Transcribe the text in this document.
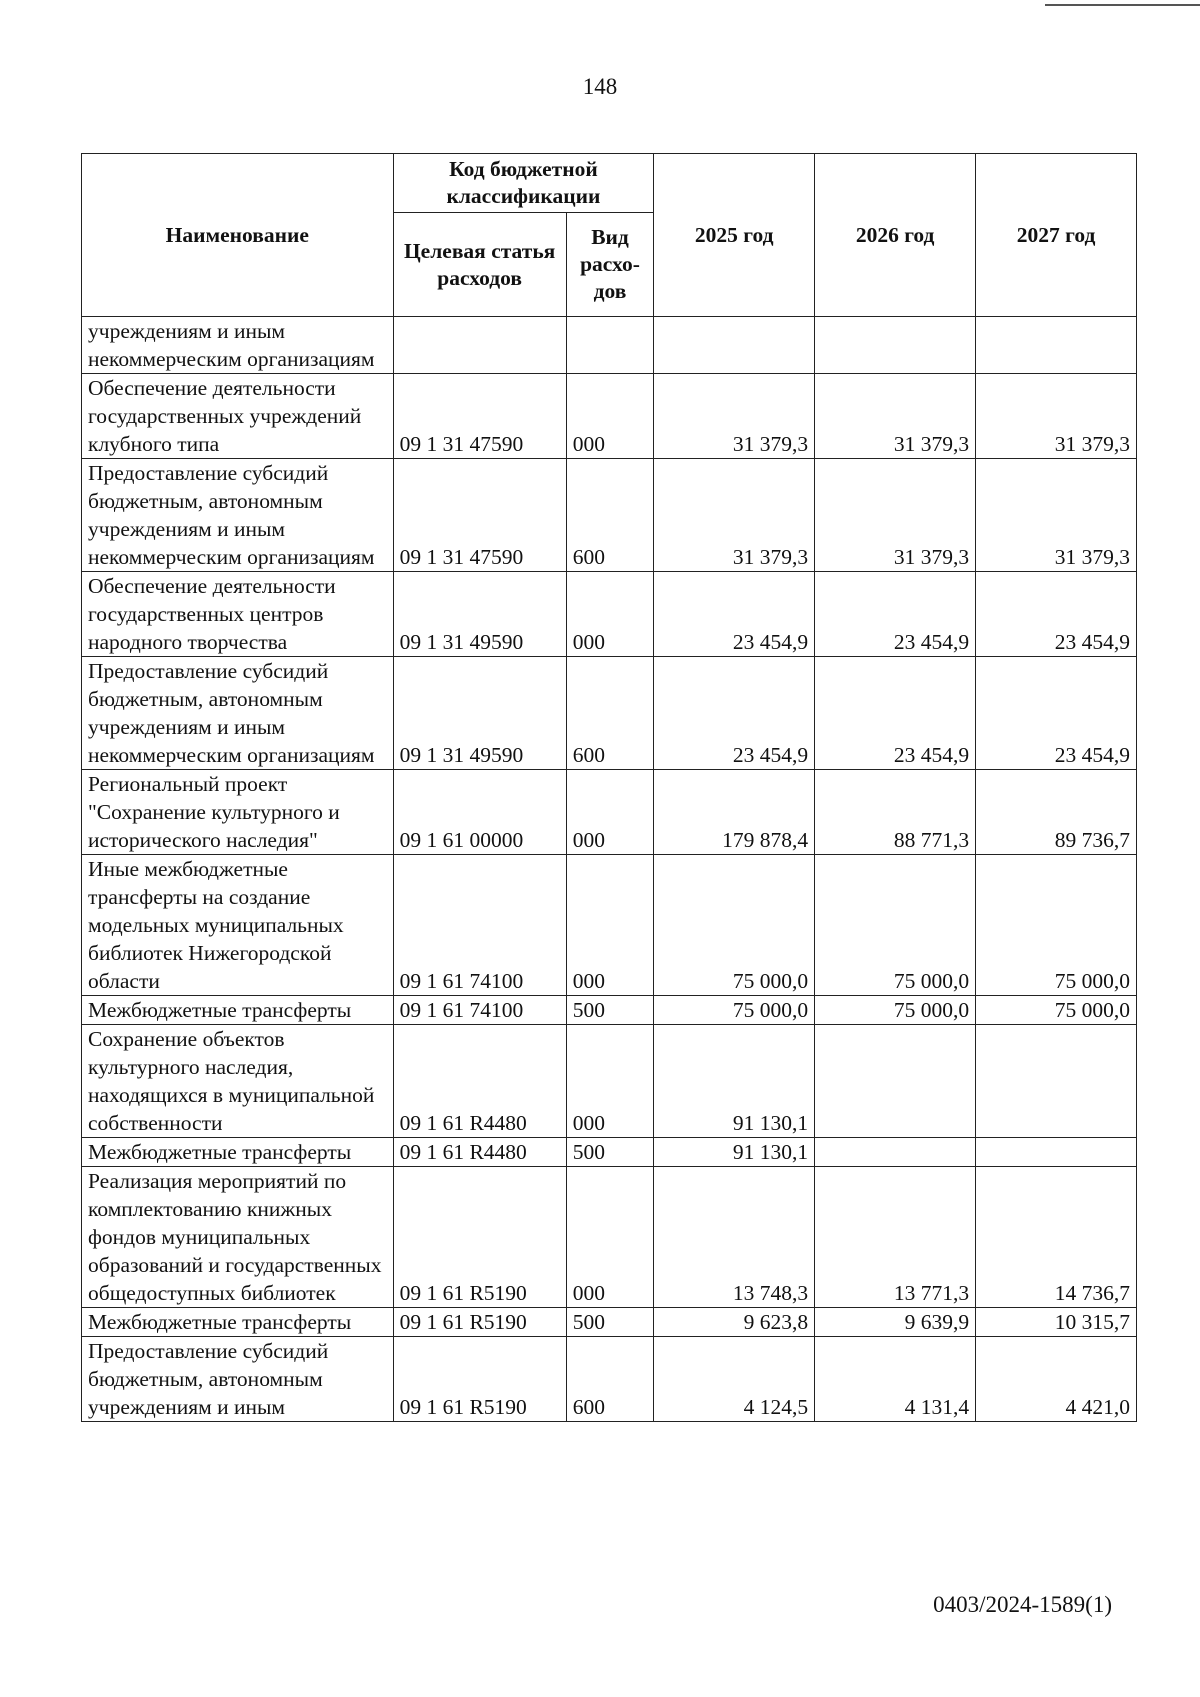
148
Наименование	Код бюджетной классификации		2025 год	2026 год	2027 год
	Целевая статья расходов	Вид расхо-дов			
учреждениям и иным некоммерческим организациям					
Обеспечение деятельности государственных учреждений клубного типа	09 1 31 47590	000	31 379,3	31 379,3	31 379,3
Предоставление субсидий бюджетным, автономным учреждениям и иным некоммерческим организациям	09 1 31 47590	600	31 379,3	31 379,3	31 379,3
Обеспечение деятельности государственных центров народного творчества	09 1 31 49590	000	23 454,9	23 454,9	23 454,9
Предоставление субсидий бюджетным, автономным учреждениям и иным некоммерческим организациям	09 1 31 49590	600	23 454,9	23 454,9	23 454,9
Региональный проект "Сохранение культурного и исторического наследия"	09 1 61 00000	000	179 878,4	88 771,3	89 736,7
Иные межбюджетные трансферты на создание модельных муниципальных библиотек Нижегородской области	09 1 61 74100	000	75 000,0	75 000,0	75 000,0
Межбюджетные трансферты	09 1 61 74100	500	75 000,0	75 000,0	75 000,0
Сохранение объектов культурного наследия, находящихся в муниципальной собственности	09 1 61 R4480	000	91 130,1		
Межбюджетные трансферты	09 1 61 R4480	500	91 130,1		
Реализация мероприятий по комплектованию книжных фондов муниципальных образований и государственных общедоступных библиотек	09 1 61 R5190	000	13 748,3	13 771,3	14 736,7
Межбюджетные трансферты	09 1 61 R5190	500	9 623,8	9 639,9	10 315,7
Предоставление субсидий бюджетным, автономным учреждениям и иным	09 1 61 R5190	600	4 124,5	4 131,4	4 421,0
0403/2024-1589(1)
